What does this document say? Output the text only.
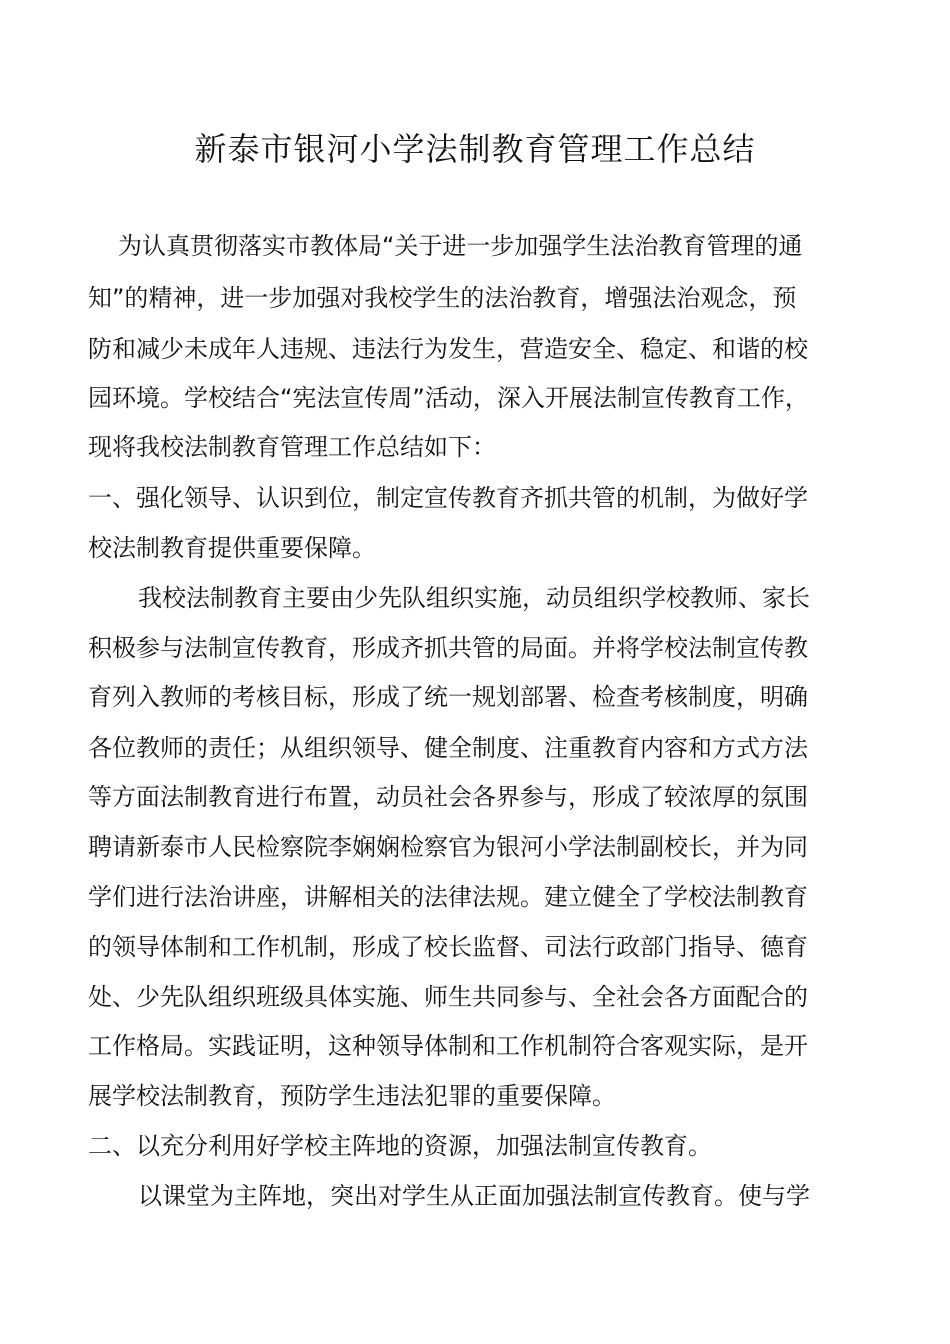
新泰市银河小学法制教育管理工作总结
为认真贯彻落实市教体局“关于进一步加强学生法治教育管理的通
知”的精神，进一步加强对我校学生的法治教育，增强法治观念，预
防和减少未成年人违规、违法行为发生，营造安全、稳定、和谐的校
园环境。学校结合“宪法宣传周”活动，深入开展法制宣传教育工作，
现将我校法制教育管理工作总结如下：
一、强化领导、认识到位，制定宣传教育齐抓共管的机制，为做好学
校法制教育提供重要保障。
我校法制教育主要由少先队组织实施，动员组织学校教师、家长
积极参与法制宣传教育，形成齐抓共管的局面。并将学校法制宣传教
育列入教师的考核目标，形成了统一规划部署、检查考核制度，明确
各位教师的责任；从组织领导、健全制度、注重教育内容和方式方法
等方面法制教育进行布置，动员社会各界参与，形成了较浓厚的氛围
聘请新泰市人民检察院李娴娴检察官为银河小学法制副校长，并为同
学们进行法治讲座，讲解相关的法律法规。建立健全了学校法制教育
的领导体制和工作机制，形成了校长监督、司法行政部门指导、德育
处、少先队组织班级具体实施、师生共同参与、全社会各方面配合的
工作格局。实践证明，这种领导体制和工作机制符合客观实际，是开
展学校法制教育，预防学生违法犯罪的重要保障。
二、以充分利用好学校主阵地的资源，加强法制宣传教育。
以课堂为主阵地，突出对学生从正面加强法制宣传教育。使与学
